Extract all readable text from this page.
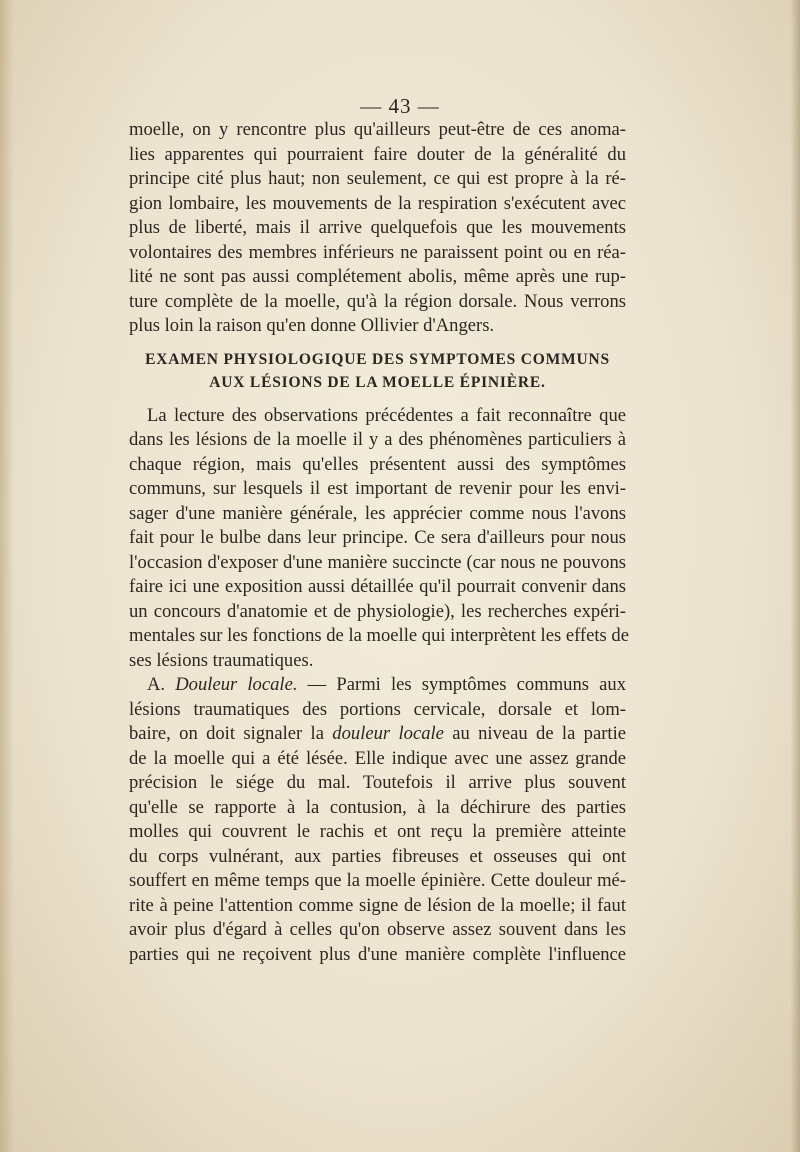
— 43 —
moelle, on y rencontre plus qu'ailleurs peut-être de ces anoma-
lies apparentes qui pourraient faire douter de la généralité du
principe cité plus haut; non seulement, ce qui est propre à la ré-
gion lombaire, les mouvements de la respiration s'exécutent avec
plus de liberté, mais il arrive quelquefois que les mouvements
volontaires des membres inférieurs ne paraissent point ou en réa-
lité ne sont pas aussi complétement abolis, même après une rup-
ture complète de la moelle, qu'à la région dorsale. Nous verrons
plus loin la raison qu'en donne Ollivier d'Angers.
EXAMEN PHYSIOLOGIQUE DES SYMPTOMES COMMUNS
AUX LÉSIONS DE LA MOELLE ÉPINIÈRE.
La lecture des observations précédentes a fait reconnaître que
dans les lésions de la moelle il y a des phénomènes particuliers à
chaque région, mais qu'elles présentent aussi des symptômes
communs, sur lesquels il est important de revenir pour les envi-
sager d'une manière générale, les apprécier comme nous l'avons
fait pour le bulbe dans leur principe. Ce sera d'ailleurs pour nous
l'occasion d'exposer d'une manière succincte (car nous ne pouvons
faire ici une exposition aussi détaillée qu'il pourrait convenir dans
un concours d'anatomie et de physiologie), les recherches expéri-
mentales sur les fonctions de la moelle qui interprètent les effets de
ses lésions traumatiques.
A. Douleur locale. — Parmi les symptômes communs aux
lésions traumatiques des portions cervicale, dorsale et lom-
baire, on doit signaler la douleur locale au niveau de la partie
de la moelle qui a été lésée. Elle indique avec une assez grande
précision le siége du mal. Toutefois il arrive plus souvent
qu'elle se rapporte à la contusion, à la déchirure des parties
molles qui couvrent le rachis et ont reçu la première atteinte
du corps vulnérant, aux parties fibreuses et osseuses qui ont
souffert en même temps que la moelle épinière. Cette douleur mé-
rite à peine l'attention comme signe de lésion de la moelle; il faut
avoir plus d'égard à celles qu'on observe assez souvent dans les
parties qui ne reçoivent plus d'une manière complète l'influence
